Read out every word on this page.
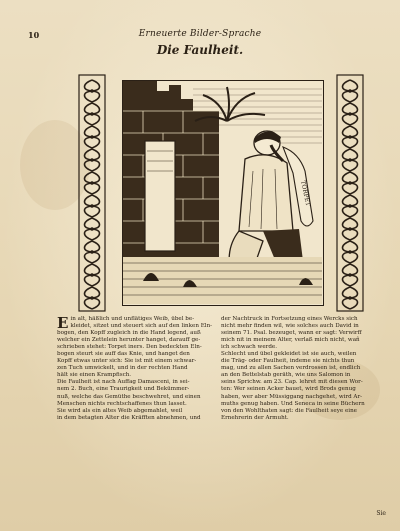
10	Erneuerte Bilder-Sprache
Die Faulheit.
TORPET
E in alt, häßlich und unflätiges Weib, übel be-
kleidet, sitzet und steuert sich auf den linken Eln-
bogen, den Kopff zugleich in die Hand legend, auß
welcher ein Zettelein herunter hanget, darauff ge-
schrieben stehet: Torpet iners. Den bedeckten Eln-
bogen steurt sie auff das Knie, und hanget den
Kopff etwas unter sich: Sie ist mit einem schwar-
zen Tuch umwickelt, und in der rechten Hand
hält sie einen Krampfisch.
Die Faulheit ist nach Auffag Damasceni, in sei-
nem 2. Buch, eine Traurigkeit und Bekümmer-
nuß, welche das Gemüthe beschwehret, und einen
Menschen nichts rechtschaffenes thun lasset.
Sie wird als ein altes Weib abgemahlet, weil
in dem betagten Alter die Kräfften abnehmen, und
der Nachtruck in Fortsetzung eines Wercks sich
nicht mehr finden wil, wie solches auch David in
seinem 71. Psal. bezeuget, wann er sagt: Verwirff
mich nit in meinem Alter, verlaß mich nicht, wañ
ich schwach werde.
Schlecht und übel gekleidet ist sie auch, weilen
die Träg- oder Faulheit, indeme sie nichts thun
mag, und zu allen Sachen verdrossen ist, endlich
an den Bettelstab geräth, wie uns Salomon in
seins Sprichw. am 23. Cap. lehret mit diesen Wor-
ten: Wer seinen Acker bauet, wird Brods genug
haben, wer aber Müssiggang nachgehet, wird Ar-
muths genug haben. Und Seneca in seine Büchern
von den Wohlthaten sagt: die Faulheit seye eine
Ernehrerin der Armuht.
Sie
